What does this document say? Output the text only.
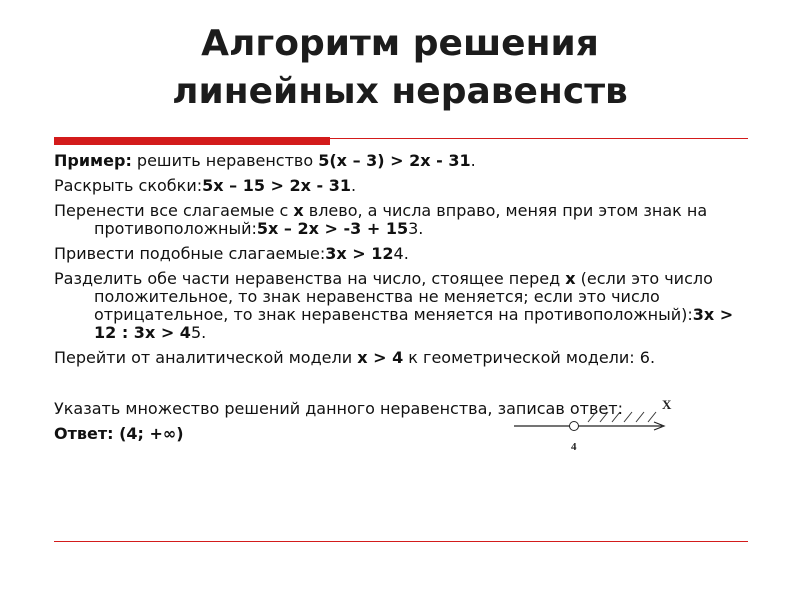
Алгоритм решения
линейных неравенств

Пример: решить неравенство 5(x – 3) > 2x - 31.

Раскрыть скобки:5x – 15 > 2x - 31.

Перенести все слагаемые с x влево, а числа вправо, меняя при этом знак на противоположный:5x – 2x > -3 + 153.

Привести подобные слагаемые:3x > 124.

Разделить обе части неравенства на число, стоящее перед x (если это число положительное, то знак неравенства не меняется; если это число отрицательное, то знак неравенства меняется на противоположный):3x > 12 : 3x > 45.

Перейти от аналитической модели x > 4 к геометрической модели: 6.

Указать множество решений данного неравенства, записав ответ:

Ответ: (4; +∞)

X
4
